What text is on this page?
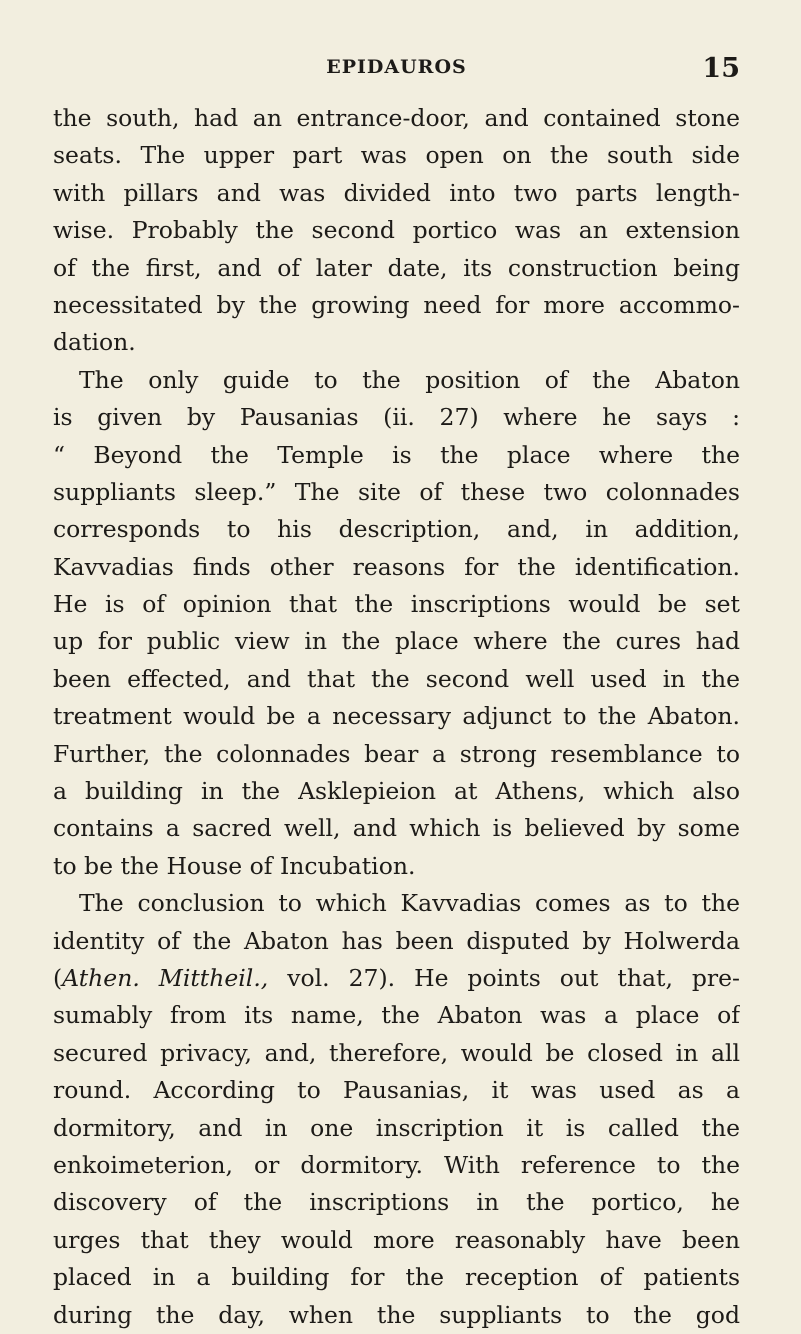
EPIDAUROS	15
the south, had an entrance-door, and contained stone
seats. The upper part was open on the south side
with pillars and was divided into two parts length-
wise. Probably the second portico was an extension
of the first, and of later date, its construction being
necessitated by the growing need for more accommo-
dation.
The only guide to the position of the Abaton
is given by Pausanias (ii. 27) where he says :
“ Beyond the Temple is the place where the
suppliants sleep.” The site of these two colonnades
corresponds to his description, and, in addition,
Kavvadias finds other reasons for the identification.
He is of opinion that the inscriptions would be set
up for public view in the place where the cures had
been effected, and that the second well used in the
treatment would be a necessary adjunct to the Abaton.
Further, the colonnades bear a strong resemblance to
a building in the Asklepieion at Athens, which also
contains a sacred well, and which is believed by some
to be the House of Incubation.
The conclusion to which Kavvadias comes as to the
identity of the Abaton has been disputed by Holwerda
(Athen. Mittheil., vol. 27). He points out that, pre-
sumably from its name, the Abaton was a place of
secured privacy, and, therefore, would be closed in all
round. According to Pausanias, it was used as a
dormitory, and in one inscription it is called the
enkoimeterion, or dormitory. With reference to the
discovery of the inscriptions in the portico, he
urges that they would more reasonably have been
placed in a building for the reception of patients
during the day, when the suppliants to the god
